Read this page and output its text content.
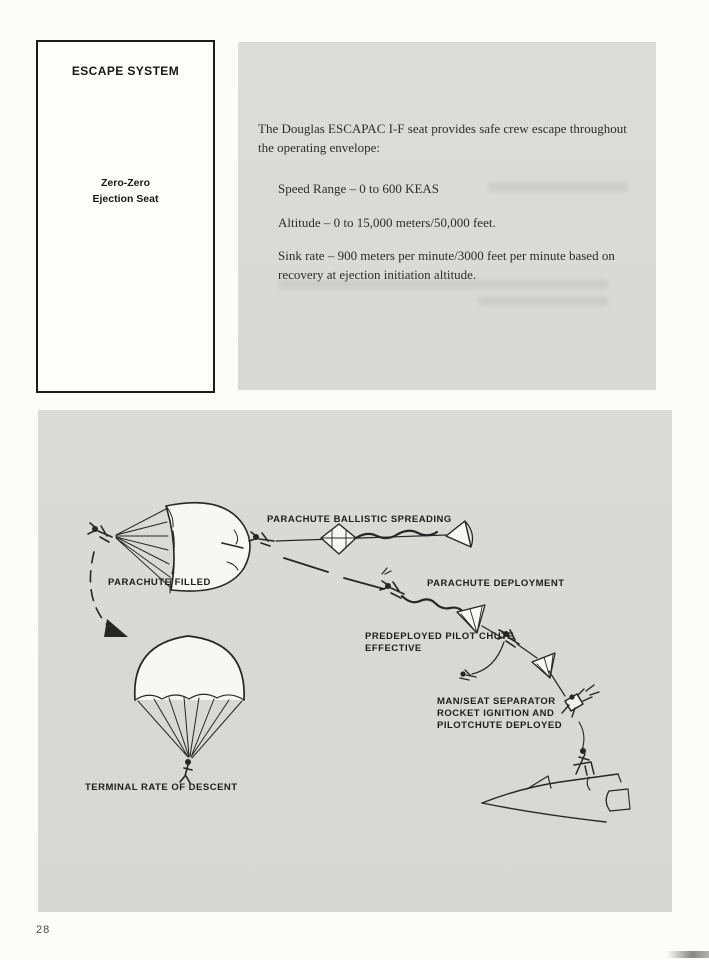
ESCAPE SYSTEM
Zero-Zero
Ejection Seat

The Douglas ESCAPAC I-F seat provides safe crew escape throughout the operating envelope:

Speed Range – 0 to 600 KEAS

Altitude – 0 to 15,000 meters/50,000 feet.

Sink rate – 900 meters per minute/3000 feet per minute based on recovery at ejection initiation altitude.

PARACHUTE BALLISTIC SPREADING
PARACHUTE FILLED	PARACHUTE DEPLOYMENT
PREDEPLOYED PILOT CHUTE
EFFECTIVE
MAN/SEAT SEPARATOR
ROCKET IGNITION AND
PILOTCHUTE DEPLOYED
TERMINAL RATE OF DESCENT
28
